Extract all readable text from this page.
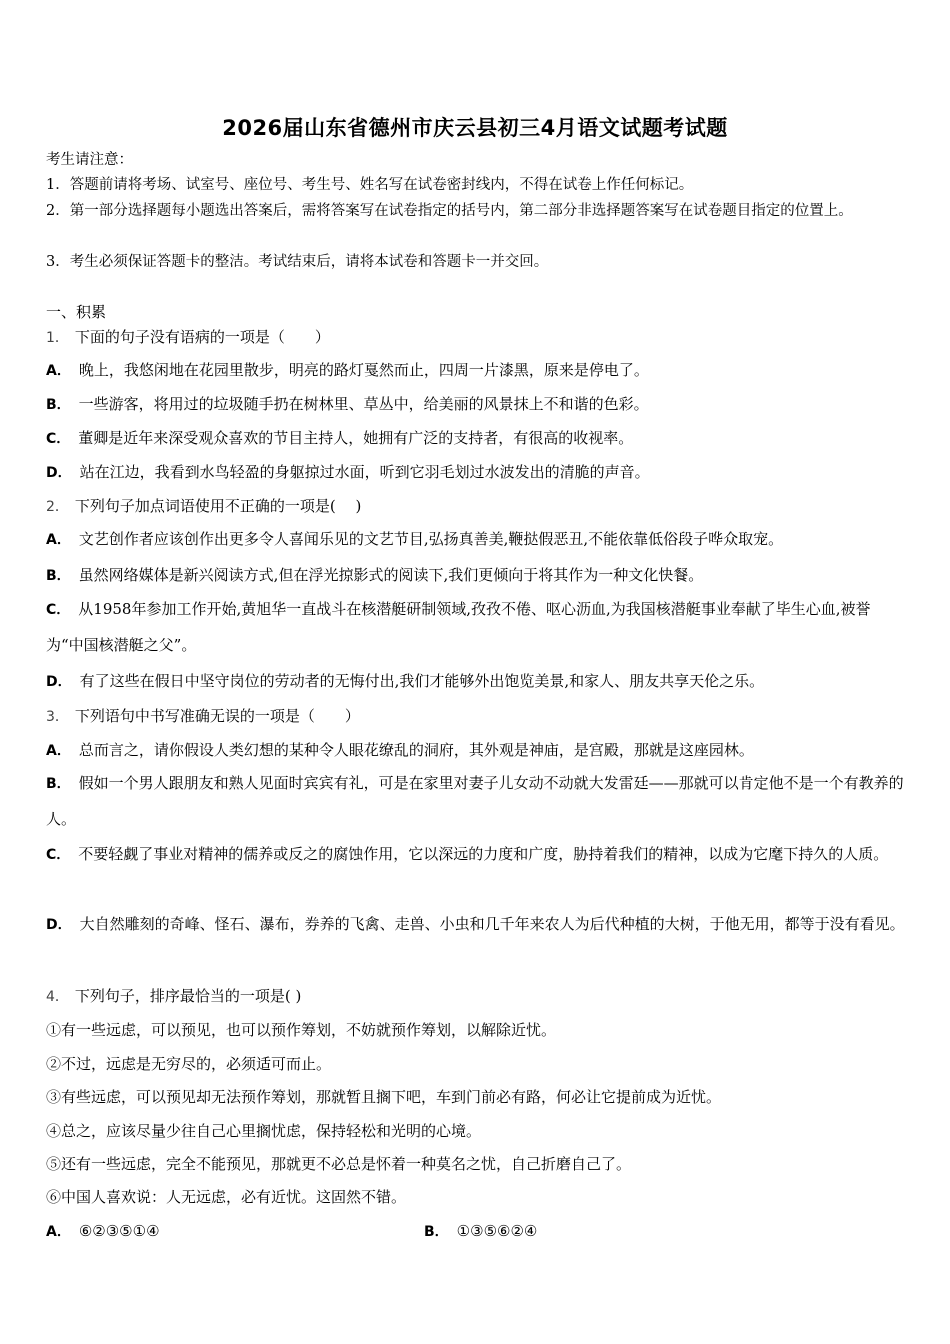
2026届山东省德州市庆云县初三4月语文试题考试题
考生请注意：
1．答题前请将考场、试室号、座位号、考生号、姓名写在试卷密封线内，不得在试卷上作任何标记。
2．第一部分选择题每小题选出答案后，需将答案写在试卷指定的括号内，第二部分非选择题答案写在试卷题目指定的位置上。
3．考生必须保证答题卡的整洁。考试结束后，请将本试卷和答题卡一并交回。
一、积累
1． 下面的句子没有语病的一项是（　　）
A． 晚上，我悠闲地在花园里散步，明亮的路灯戛然而止，四周一片漆黑，原来是停电了。
B． 一些游客，将用过的垃圾随手扔在树林里、草丛中，给美丽的风景抹上不和谐的色彩。
C． 董卿是近年来深受观众喜欢的节目主持人，她拥有广泛的支持者，有很高的收视率。
D． 站在江边，我看到水鸟轻盈的身躯掠过水面，听到它羽毛划过水波发出的清脆的声音。
2． 下列句子加点词语使用不正确的一项是(　 )
A． 文艺创作者应该创作出更多令人喜闻乐见的文艺节目,弘扬真善美,鞭挞假恶丑,不能依靠低俗段子哗众取宠。
B． 虽然网络媒体是新兴阅读方式,但在浮光掠影式的阅读下,我们更倾向于将其作为一种文化快餐。
C． 从1958年参加工作开始,黄旭华一直战斗在核潜艇研制领域,孜孜不倦、呕心沥血,为我国核潜艇事业奉献了毕生心血,被誉为“中国核潜艇之父”。
D． 有了这些在假日中坚守岗位的劳动者的无悔付出,我们才能够外出饱览美景,和家人、朋友共享天伦之乐。
3． 下列语句中书写准确无误的一项是（　　）
A． 总而言之，请你假设人类幻想的某种令人眼花缭乱的洞府，其外观是神庙，是宫殿，那就是这座园林。
B． 假如一个男人跟朋友和熟人见面时宾宾有礼，可是在家里对妻子儿女动不动就大发雷廷——那就可以肯定他不是一个有教养的人。
C． 不要轻觑了事业对精神的儒养或反之的腐蚀作用，它以深远的力度和广度，胁持着我们的精神，以成为它麾下持久的人质。
D． 大自然雕刻的奇峰、怪石、瀑布，券养的飞禽、走兽、小虫和几千年来农人为后代种植的大树，于他无用，都等于没有看见。
4． 下列句子，排序最恰当的一项是( )
①有一些远虑，可以预见，也可以预作筹划，不妨就预作筹划，以解除近忧。
②不过，远虑是无穷尽的，必须适可而止。
③有些远虑，可以预见却无法预作筹划，那就暂且搁下吧，车到门前必有路，何必让它提前成为近忧。
④总之，应该尽量少往自己心里搁忧虑，保持轻松和光明的心境。
⑤还有一些远虑，完全不能预见，那就更不必总是怀着一种莫名之忧，自己折磨自己了。
⑥中国人喜欢说：人无远虑，必有近忧。这固然不错。
A． ⑥②③⑤①④	B． ①③⑤⑥②④
